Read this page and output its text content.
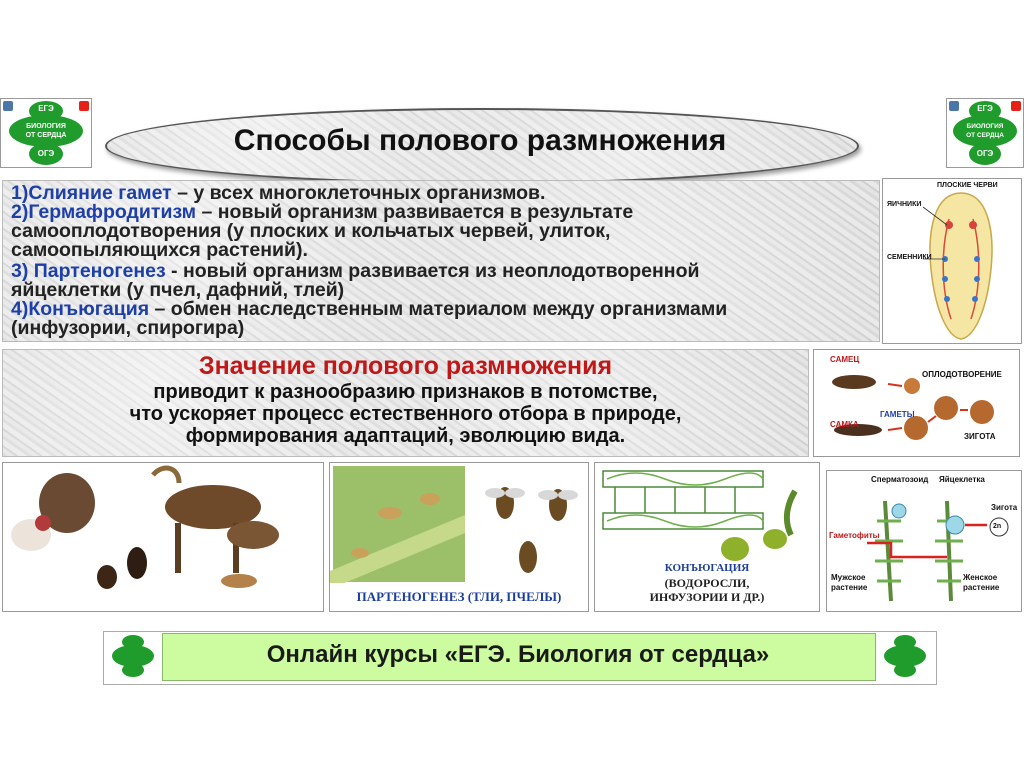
ЕГЭ
БИОЛОГИЯ
ОТ СЕРДЦА
ОГЭ
ЕГЭ
БИОЛОГИЯ
ОТ СЕРДЦА
ОГЭ
Способы полового размножения
1)Слияние гамет – у всех многоклеточных организмов.
2)Гермафродитизм – новый организм развивается в результате
самооплодотворения (у плоских и кольчатых червей, улиток,
самоопыляющихся растений).
3) Партеногенез - новый организм развивается из неоплодотворенной
яйцеклетки (у пчел, дафний, тлей)
4)Конъюгация – обмен наследственным материалом между организмами
(инфузории, спирогира)
ПЛОСКИЕ ЧЕРВИ
ЯИЧНИКИ
СЕМЕННИКИ
Значение полового размножения
приводит к разнообразию признаков в потомстве,
что ускоряет процесс естественного отбора в природе,
формирования адаптаций, эволюцию вида.
САМЕЦ
САМКА
ГАМЕТЫ
ОПЛОДОТВОРЕНИЕ
ЗИГОТА
ПАРТЕНОГЕНЕЗ (ТЛИ, ПЧЕЛЫ)
КОНЪЮГАЦИЯ
(ВОДОРОСЛИ,
ИНФУЗОРИИ И ДР.)
Сперматозоид Яйцеклетка
Зигота
2n
Гаметофиты
Мужское
растение
Женское
растение
Онлайн курсы «ЕГЭ. Биология от сердца»
